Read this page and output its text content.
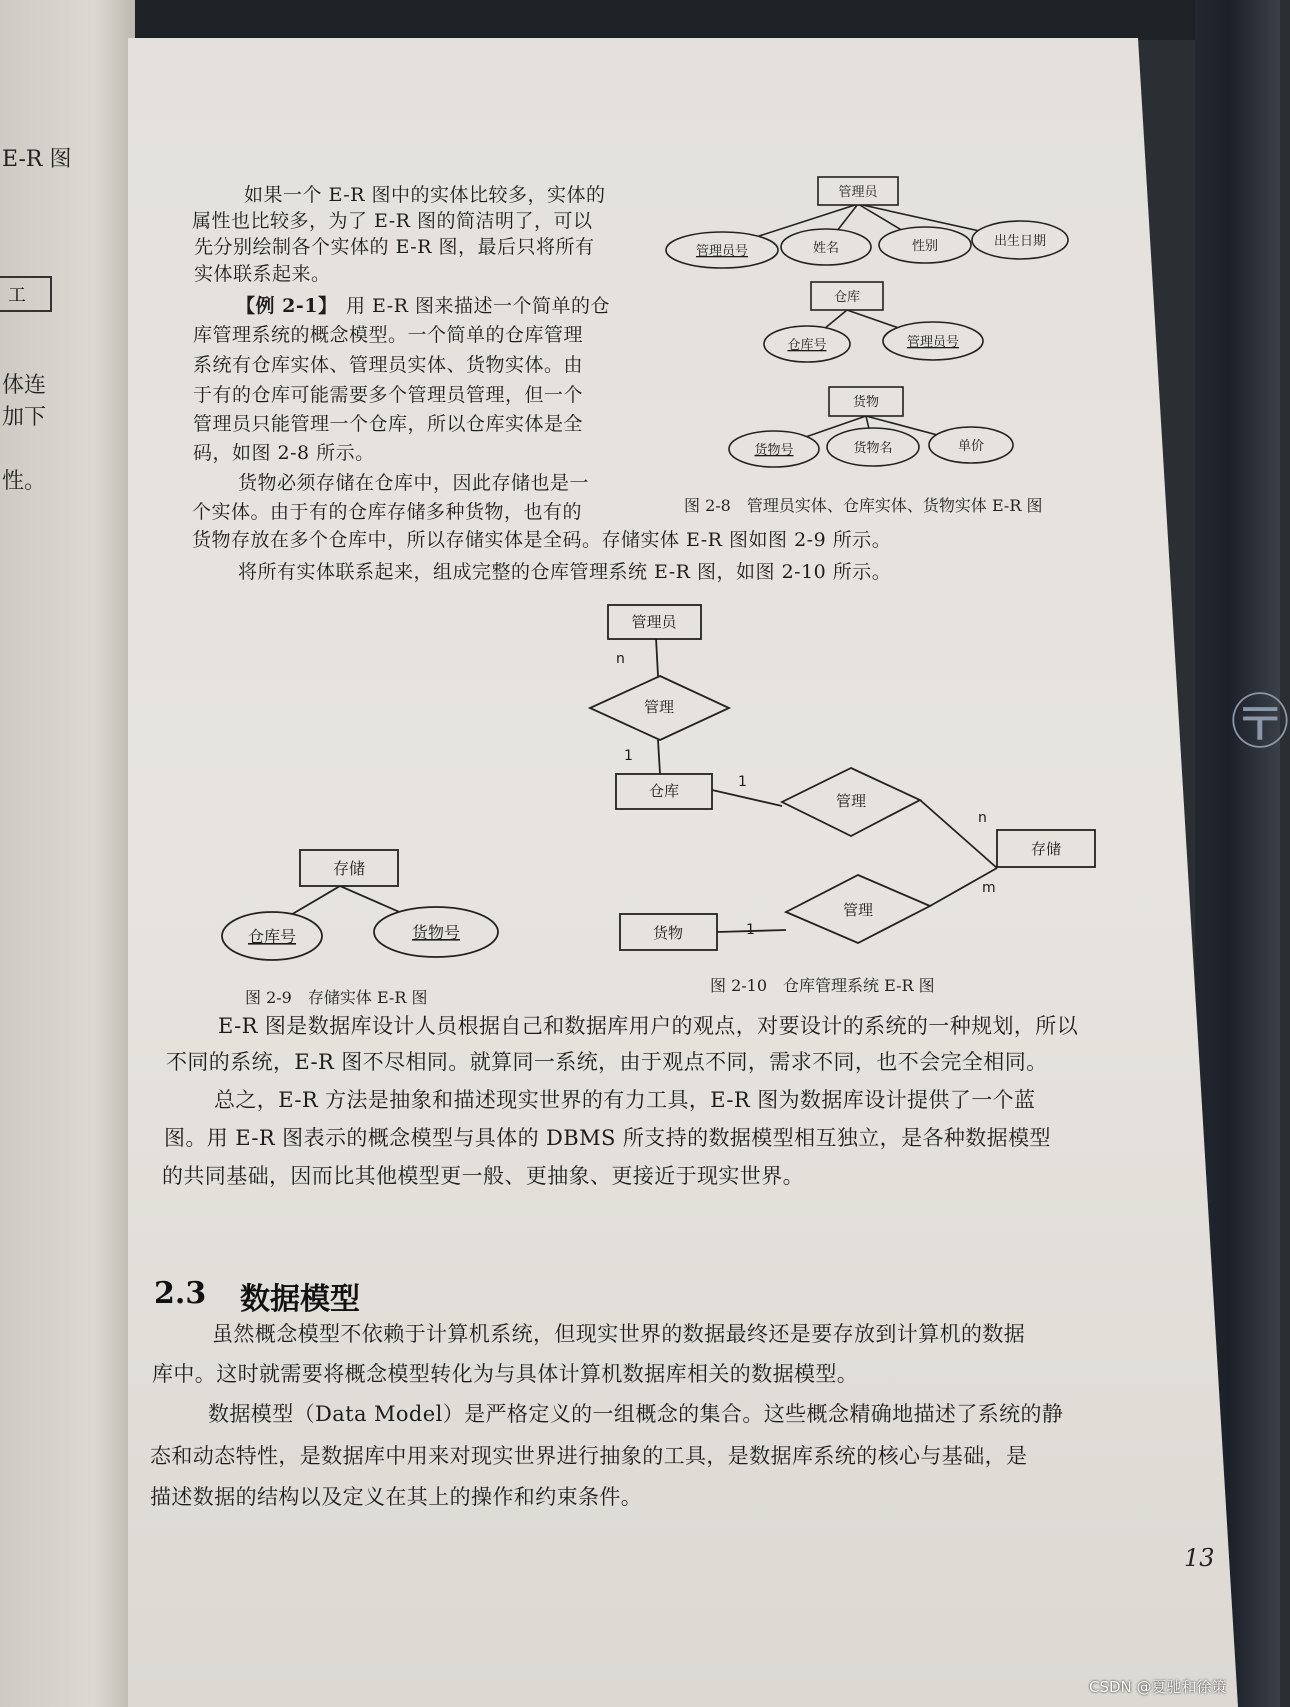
〶
E-R 图
工
体连
加下
性。

如果一个 E-R 图中的实体比较多，实体的

属性也比较多，为了 E-R 图的简洁明了，可以

先分别绘制各个实体的 E-R 图，最后只将所有

实体联系起来。

【例 2-1】 用 E-R 图来描述一个简单的仓

库管理系统的概念模型。一个简单的仓库管理

系统有仓库实体、管理员实体、货物实体。由

于有的仓库可能需要多个管理员管理，但一个

管理员只能管理一个仓库，所以仓库实体是全

码，如图 2-8 所示。

货物必须存储在仓库中，因此存储也是一

个实体。由于有的仓库存储多种货物，也有的

货物存放在多个仓库中，所以存储实体是全码。存储实体 E-R 图如图 2-9 所示。

将所有实体联系起来，组成完整的仓库管理系统 E-R 图，如图 2-10 所示。

图 2-8　管理员实体、仓库实体、货物实体 E-R 图
图 2-9　存储实体 E-R 图
图 2-10　仓库管理系统 E-R 图

E-R 图是数据库设计人员根据自己和数据库用户的观点，对要设计的系统的一种规划，所以

不同的系统，E-R 图不尽相同。就算同一系统，由于观点不同，需求不同，也不会完全相同。

总之，E-R 方法是抽象和描述现实世界的有力工具，E-R 图为数据库设计提供了一个蓝

图。用 E-R 图表示的概念模型与具体的 DBMS 所支持的数据模型相互独立，是各种数据模型

的共同基础，因而比其他模型更一般、更抽象、更接近于现实世界。

2.3 数据模型

虽然概念模型不依赖于计算机系统，但现实世界的数据最终还是要存放到计算机的数据

库中。这时就需要将概念模型转化为与具体计算机数据库相关的数据模型。

数据模型（Data Model）是严格定义的一组概念的集合。这些概念精确地描述了系统的静

态和动态特性，是数据库中用来对现实世界进行抽象的工具，是数据库系统的核心与基础，是

描述数据的结构以及定义在其上的操作和约束条件。

13
管理员
管理员号	姓名	性别	出生日期
仓库
仓库号	管理员号
货物
货物号	货物名	单价
存储
仓库号	货物号
管理员
管理
仓库
管理
存储
管理
货物
n
1
1
n
m
1
CSDN @夏驰和徐策
